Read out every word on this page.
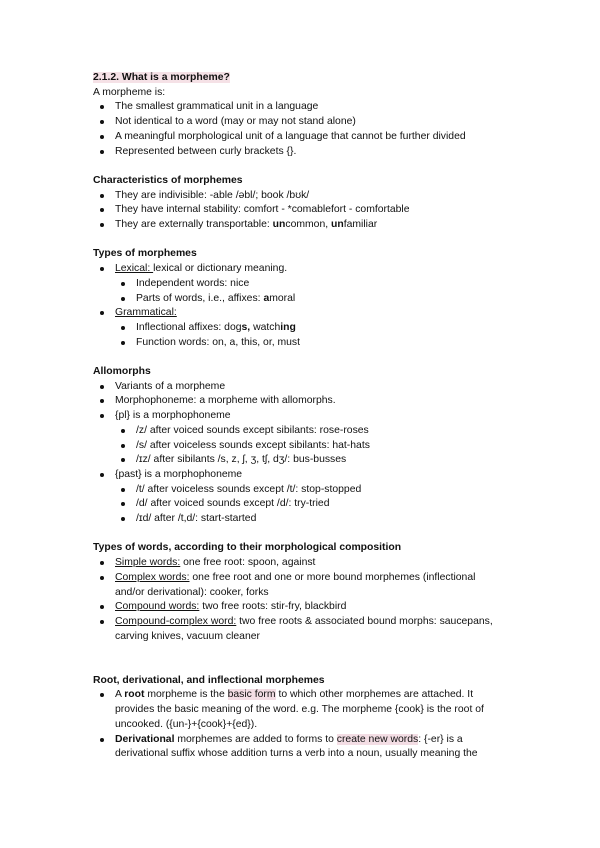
2.1.2. What is a morpheme?
A morpheme is:
The smallest grammatical unit in a language
Not identical to a word (may or may not stand alone)
A meaningful morphological unit of a language that cannot be further divided
Represented between curly brackets {}.
Characteristics of morphemes
They are indivisible: -able /əbl/; book /bʊk/
They have internal stability: comfort - *comablefort - comfortable
They are externally transportable: uncommon, unfamiliar
Types of morphemes
Lexical: lexical or dictionary meaning.
Independent words: nice
Parts of words, i.e., affixes: amoral
Grammatical:
Inflectional affixes: dogs, watching
Function words: on, a, this, or, must
Allomorphs
Variants of a morpheme
Morphophoneme: a morpheme with allomorphs.
{pl} is a morphophoneme
/z/ after voiced sounds except sibilants: rose-roses
/s/ after voiceless sounds except sibilants: hat-hats
/ɪz/ after sibilants /s, z, ʃ, ʒ, tʃ, dʒ/: bus-busses
{past} is a morphophoneme
/t/ after voiceless sounds except /t/: stop-stopped
/d/ after voiced sounds except /d/: try-tried
/ɪd/ after /t,d/: start-started
Types of words, according to their morphological composition
Simple words: one free root: spoon, against
Complex words: one free root and one or more bound morphemes (inflectional
and/or derivational): cooker, forks
Compound words: two free roots: stir-fry, blackbird
Compound-complex word: two free roots & associated bound morphs: saucepans,
carving knives, vacuum cleaner
Root, derivational, and inflectional morphemes
A root morpheme is the basic form to which other morphemes are attached. It
provides the basic meaning of the word. e.g. The morpheme {cook} is the root of
uncooked. ({un-}+{cook}+{ed}).
Derivational morphemes are added to forms to create new words: {-er} is a
derivational suffix whose addition turns a verb into a noun, usually meaning the
